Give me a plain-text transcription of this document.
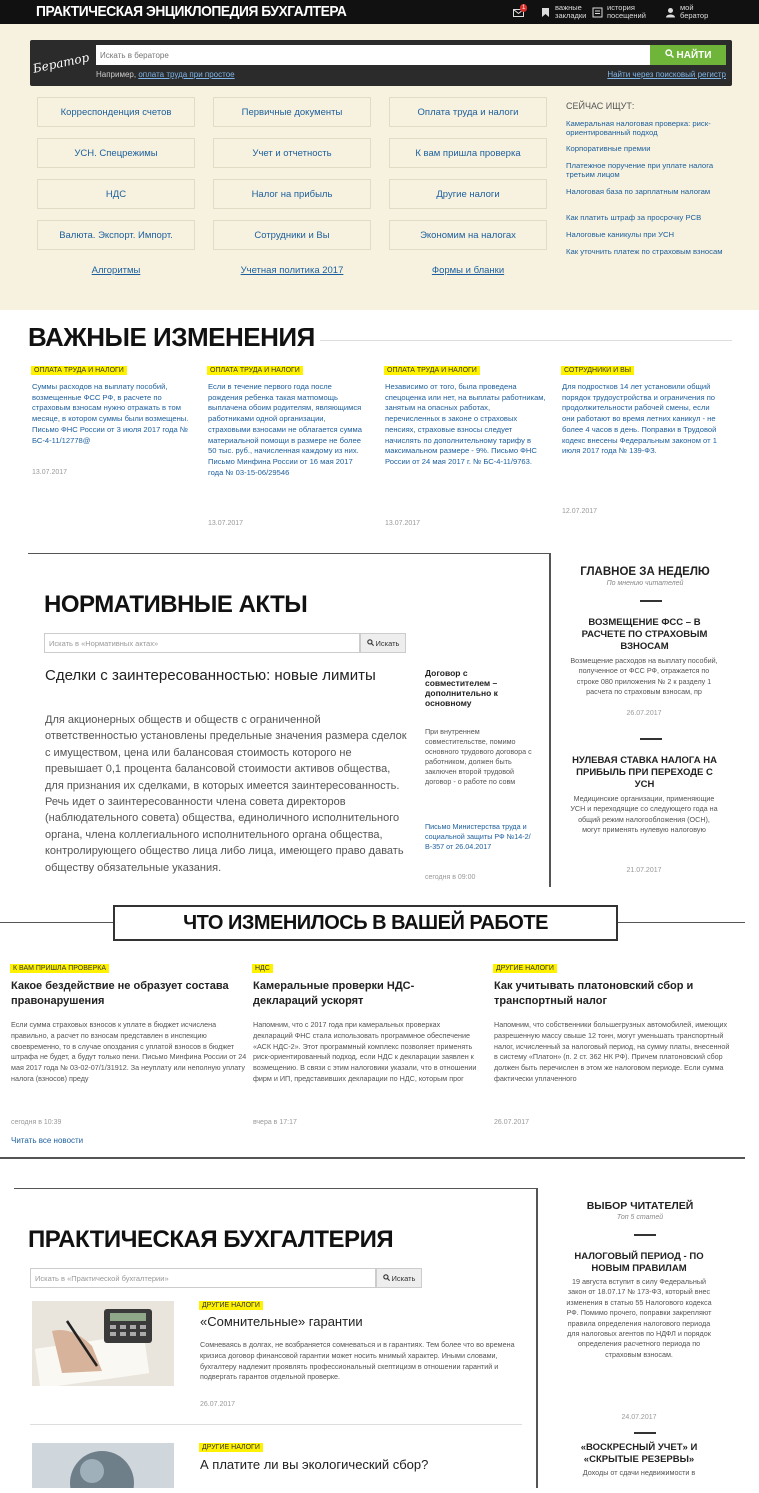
ПРАКТИЧЕСКАЯ ЭНЦИКЛОПЕДИЯ БУХГАЛТЕРА	1	важные закладки
история посещений
мой бератор
Бератор
Искать в бераторе	НАЙТИ
Например, оплата труда при простое	Найти через поисковый регистр
Корреспонденция счетов	Первичные документы	Оплата труда и налоги
УСН. Спецрежимы	Учет и отчетность	К вам пришла проверка
НДС	Налог на прибыль	Другие налоги
Валюта. Экспорт. Импорт.	Сотрудники и Вы	Экономим на налогах
Алгоритмы	Учетная политика 2017	Формы и бланки
СЕЙЧАС ИЩУТ:
Камеральная налоговая проверка: риск-ориентированный подход
Корпоративные премии
Платежное поручение при уплате налога третьим лицом
Налоговая база по зарплатным налогам
Как платить штраф за просрочку РСВ
Налоговые каникулы при УСН
Как уточнить платеж по страховым взносам
ВАЖНЫЕ ИЗМЕНЕНИЯ
ОПЛАТА ТРУДА И НАЛОГИ
Суммы расходов на выплату пособий, возмещенные ФСС РФ, в расчете по страховым взносам нужно отражать в том месяце, в котором суммы были возмещены. Письмо ФНС России от 3 июля 2017 года № БС-4-11/12778@
13.07.2017
ОПЛАТА ТРУДА И НАЛОГИ
Если в течение первого года после рождения ребенка такая матпомощь выплачена обоим родителям, являющимся работниками одной организации, страховыми взносами не облагается сумма материальной помощи в размере не более 50 тыс. руб., начисленная каждому из них. Письмо Минфина России от 16 мая 2017 года № 03-15-06/29546
13.07.2017
ОПЛАТА ТРУДА И НАЛОГИ
Независимо от того, была проведена спецоценка или нет, на выплаты работникам, занятым на опасных работах, перечисленных в законе о страховых пенсиях, страховые взносы следует начислять по дополнительному тарифу в максимальном размере - 9%. Письмо ФНС России от 24 мая 2017 г. № БС-4-11/9763.
13.07.2017
СОТРУДНИКИ И ВЫ
Для подростков 14 лет установили общий порядок трудоустройства и ограничения по продолжительности рабочей смены, если они работают во время летних каникул - не более 4 часов в день. Поправки в Трудовой кодекс внесены Федеральным законом от 1 июля 2017 года № 139-ФЗ.
12.07.2017
НОРМАТИВНЫЕ АКТЫ
Искать в «Нормативных актах»	Искать
Сделки с заинтересованностью: новые лимиты
Для акционерных обществ и обществ с ограниченной ответственностью установлены предельные значения размера сделок с имуществом, цена или балансовая стоимость которого не превышает 0,1 процента балансовой стоимости активов общества, для признания их сделками, в которых имеется заинтересованность. Речь идет о заинтересованности члена совета директоров (наблюдательного совета) общества, единоличного исполнительного органа, члена коллегиального исполнительного органа общества, контролирующего общество лица либо лица, имеющего право давать обществу обязательные указания.
Договор с совместителем – дополнительно к основному
При внутреннем совместительстве, помимо основного трудового договора с работником, должен быть заключен второй трудовой договор - о работе по совм
Письмо Министерства труда и социальной защиты РФ №14-2/В-357 от 26.04.2017
сегодня в 09:00
ГЛАВНОЕ ЗА НЕДЕЛЮ
По мнению читателей
ВОЗМЕЩЕНИЕ ФСС – В РАСЧЕТЕ ПО СТРАХОВЫМ ВЗНОСАМ
Возмещение расходов на выплату пособий, полученное от ФСС РФ, отражается по строке 080 приложения № 2 к разделу 1 расчета по страховым взносам, пр
26.07.2017
НУЛЕВАЯ СТАВКА НАЛОГА НА ПРИБЫЛЬ ПРИ ПЕРЕХОДЕ С УСН
Медицинские организации, применяющие УСН и переходящие со следующего года на общий режим налогообложения (ОСН), могут применять нулевую налоговую
21.07.2017
ЧТО ИЗМЕНИЛОСЬ В ВАШЕЙ РАБОТЕ
К ВАМ ПРИШЛА ПРОВЕРКА
Какое бездействие не образует состава правонарушения
Если сумма страховых взносов к уплате в бюджет исчислена правильно, а расчет по взносам представлен в инспекцию своевременно, то в случае опоздания с уплатой взносов в бюджет штрафа не будет, а будут только пени. Письмо Минфина России от 24 мая 2017 года № 03-02-07/1/31912. За неуплату или неполную уплату налога (взносов) преду
сегодня в 10:39
Читать все новости
НДС
Камеральные проверки НДС-деклараций ускорят
Напомним, что с 2017 года при камеральных проверках деклараций ФНС стала использовать программное обеспечение «АСК НДС-2». Этот программный комплекс позволяет применять риск-ориентированный подход, если НДС к декларации заявлен к возмещению. В связи с этим налоговики указали, что в отношении фирм и ИП, представивших декларации по НДС, которым прог
вчера в 17:17
ДРУГИЕ НАЛОГИ
Как учитывать платоновский сбор и транспортный налог
Напомним, что собственники большегрузных автомобилей, имеющих разрешенную массу свыше 12 тонн, могут уменьшать транспортный налог, исчисленный за налоговый период, на сумму платы, внесенной в систему «Платон» (п. 2 ст. 362 НК РФ). Причем платоновский сбор должен быть перечислен в этом же налоговом периоде. Если сумма фактически уплаченного
26.07.2017
ПРАКТИЧЕСКАЯ БУХГАЛТЕРИЯ
Искать в «Практической бухгалтерии»	Искать
ДРУГИЕ НАЛОГИ
«Сомнительные» гарантии
Сомневаясь в долгах, не возбраняется сомневаться и в гарантиях. Тем более что во времена кризиса договор финансовой гарантии может носить мнимый характер. Иными словами, бухгалтеру надлежит проявлять профессиональный скептицизм в отношении гарантий и подвергать гарантов отдельной проверке.
26.07.2017
ДРУГИЕ НАЛОГИ
А платите ли вы экологический сбор?
ВЫБОР ЧИТАТЕЛЕЙ
Топ 5 статей
НАЛОГОВЫЙ ПЕРИОД - ПО НОВЫМ ПРАВИЛАМ
19 августа вступит в силу Федеральный закон от 18.07.17 № 173-ФЗ, который внес изменения в статью 55 Налогового кодекса РФ. Помимо прочего, поправки закрепляют правила определения налогового периода для налоговых агентов по НДФЛ и порядок определения расчетного периода по страховым взносам.
24.07.2017
«ВОСКРЕСНЫЙ УЧЕТ» И «СКРЫТЫЕ РЕЗЕРВЫ»
Доходы от сдачи недвижимости в
